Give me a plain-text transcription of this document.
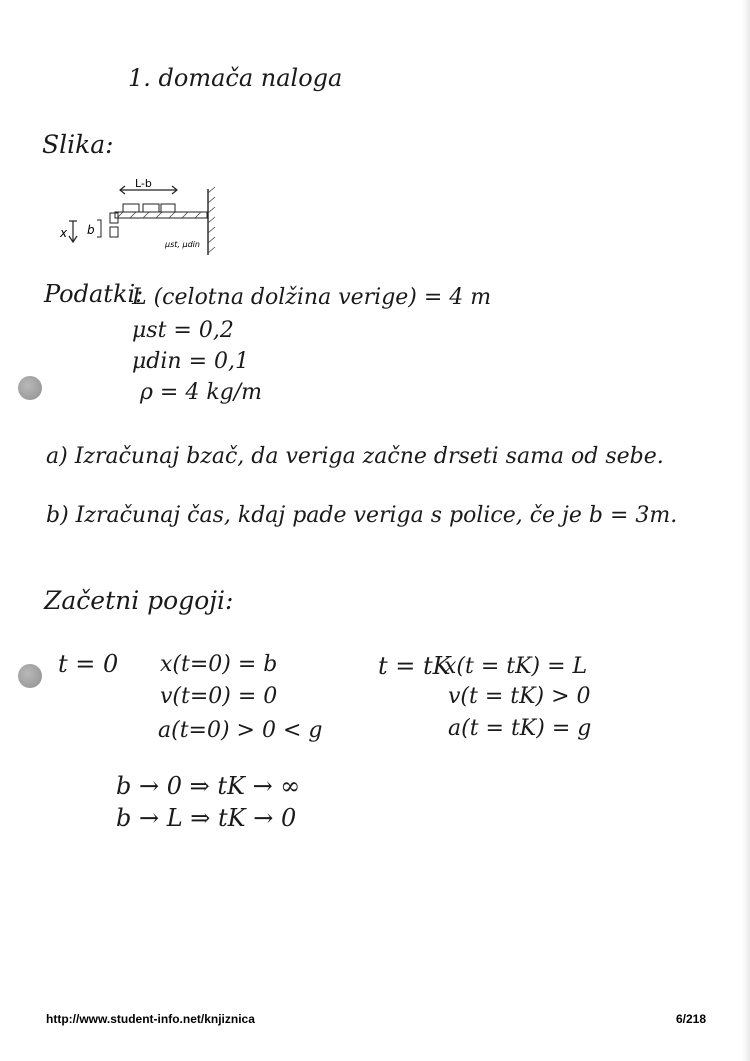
1. domača naloga
Slika:
L-b
x b
μst, μdin
Podatki:
L (celotna dolžina verige) = 4 m
μst = 0,2
μdin = 0,1
ρ = 4 kg/m
a) Izračunaj bzač, da veriga začne drseti sama od sebe.
b) Izračunaj čas, kdaj pade veriga s police, če je b = 3m.
Začetni pogoji:
t = 0 x(t=0) = b
v(t=0) = 0
a(t=0) > 0 < g
t = tK
x(t = tK) = L
v(t = tK) > 0
a(t = tK) = g
b → 0 ⇒ tK → ∞
b → L ⇒ tK → 0
http://www.student-info.net/knjiznica	6/218
